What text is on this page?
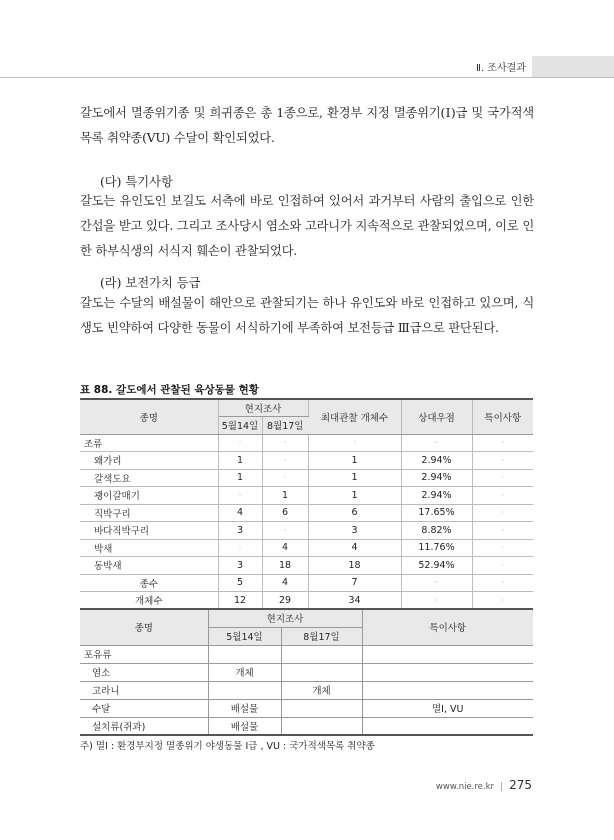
Ⅱ. 조사결과

갈도에서 멸종위기종 및 희귀종은 총 1종으로, 환경부 지정 멸종위기(Ⅰ)급 및 국가적색목록 취약종(VU) 수달이 확인되었다.

(다) 특기사항

갈도는 유인도인 보길도 서측에 바로 인접하여 있어서 과거부터 사람의 출입으로 인한 간섭을 받고 있다. 그리고 조사당시 염소와 고라니가 지속적으로 관찰되었으며, 이로 인한 하부식생의 서식지 훼손이 관찰되었다.

(라) 보전가치 등급

갈도는 수달의 배설물이 해안으로 관찰되기는 하나 유인도와 바로 인접하고 있으며, 식생도 빈약하여 다양한 동물이 서식하기에 부족하여 보전등급 Ⅲ급으로 판단된다.

표 88. 갈도에서 관찰된 육상동물 현황
종명	현지조사		최대관찰 개체수	상대우점	특이사항
	5월14일	8월17일			
조류	·	·	·	·	·
왜가리	1	·	1	2.94%	·
갈색도요	1	·	1	2.94%	·
괭이갈매기	·	1	1	2.94%	·
직박구리	4	6	6	17.65%	·
바다직박구리	3	·	3	8.82%	·
박새	·	4	4	11.76%	·
동박새	3	18	18	52.94%	·
종수	5	4	7	·	·
개체수	12	29	34	·	·
종명	현지조사		특이사항
	5월14일	8월17일	
포유류			
염소	개체		
고라니		개체	
수달	배설물		멸Ⅰ, VU
설치류(쥐과)	배설물		
주) 멸Ⅰ : 환경부지정 멸종위기 야생동물 Ⅰ급 , VU : 국가적색목록 취약종
www.nie.re.kr | 275
